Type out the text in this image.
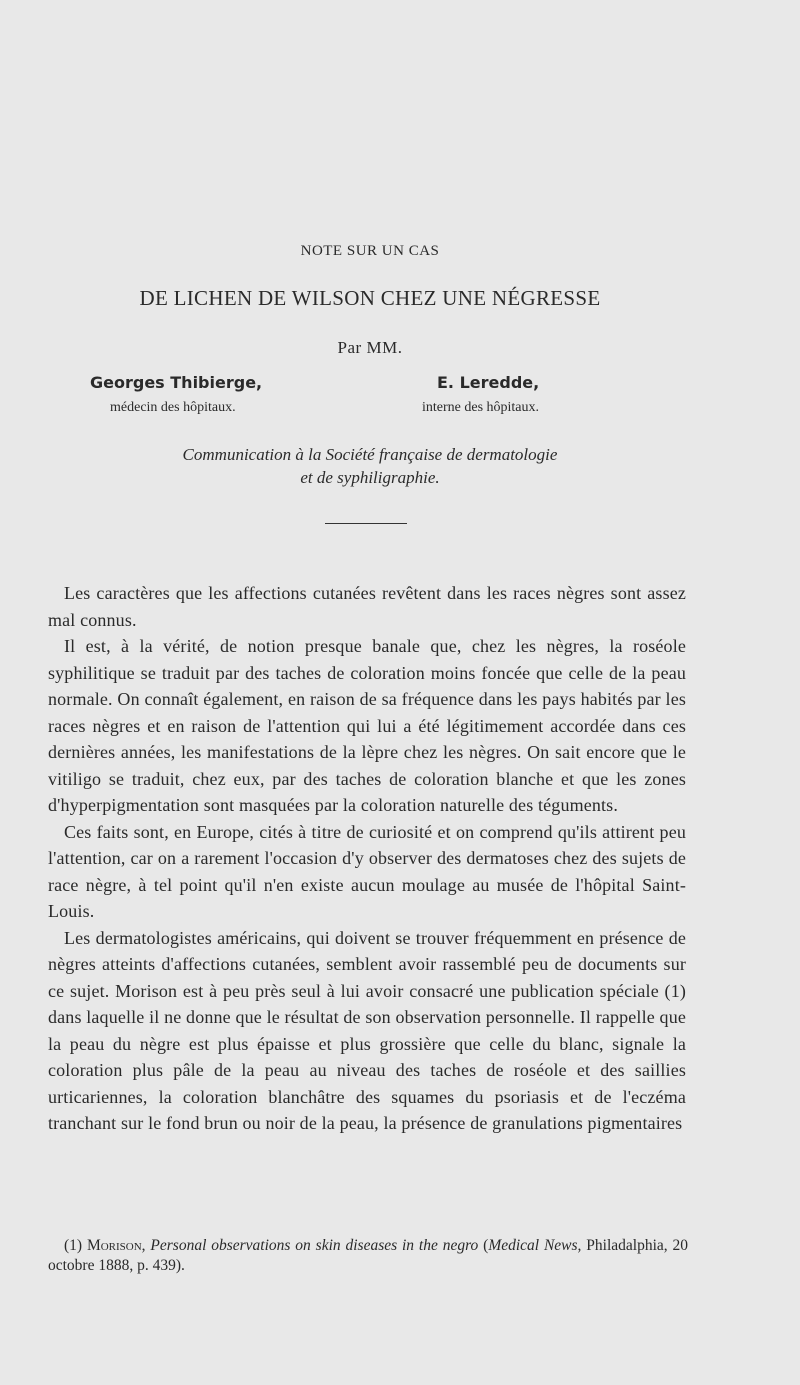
NOTE SUR UN CAS
DE LICHEN DE WILSON CHEZ UNE NÉGRESSE
Par MM.
Georges Thibierge,	E. Leredde,
médecin des hôpitaux.	interne des hôpitaux.
Communication à la Société française de dermatologie
et de syphiligraphie.

Les caractères que les affections cutanées revêtent dans les races nègres sont assez mal connus.

Il est, à la vérité, de notion presque banale que, chez les nègres, la roséole syphilitique se traduit par des taches de coloration moins foncée que celle de la peau normale. On connaît également, en raison de sa fréquence dans les pays habités par les races nègres et en raison de l'attention qui lui a été légitimement accordée dans ces dernières années, les manifestations de la lèpre chez les nègres. On sait encore que le vitiligo se traduit, chez eux, par des taches de coloration blanche et que les zones d'hyperpigmentation sont masquées par la coloration naturelle des téguments.

Ces faits sont, en Europe, cités à titre de curiosité et on comprend qu'ils attirent peu l'attention, car on a rarement l'occasion d'y observer des dermatoses chez des sujets de race nègre, à tel point qu'il n'en existe aucun moulage au musée de l'hôpital Saint-Louis.

Les dermatologistes américains, qui doivent se trouver fréquemment en présence de nègres atteints d'affections cutanées, semblent avoir rassemblé peu de documents sur ce sujet. Morison est à peu près seul à lui avoir consacré une publication spéciale (1) dans laquelle il ne donne que le résultat de son observation personnelle. Il rappelle que la peau du nègre est plus épaisse et plus grossière que celle du blanc, signale la coloration plus pâle de la peau au niveau des taches de roséole et des saillies urticariennes, la coloration blanchâtre des squames du psoriasis et de l'eczéma tranchant sur le fond brun ou noir de la peau, la présence de granulations pigmentaires

(1) Morison, Personal observations on skin diseases in the negro (Medical News, Philadalphia, 20 octobre 1888, p. 439).
